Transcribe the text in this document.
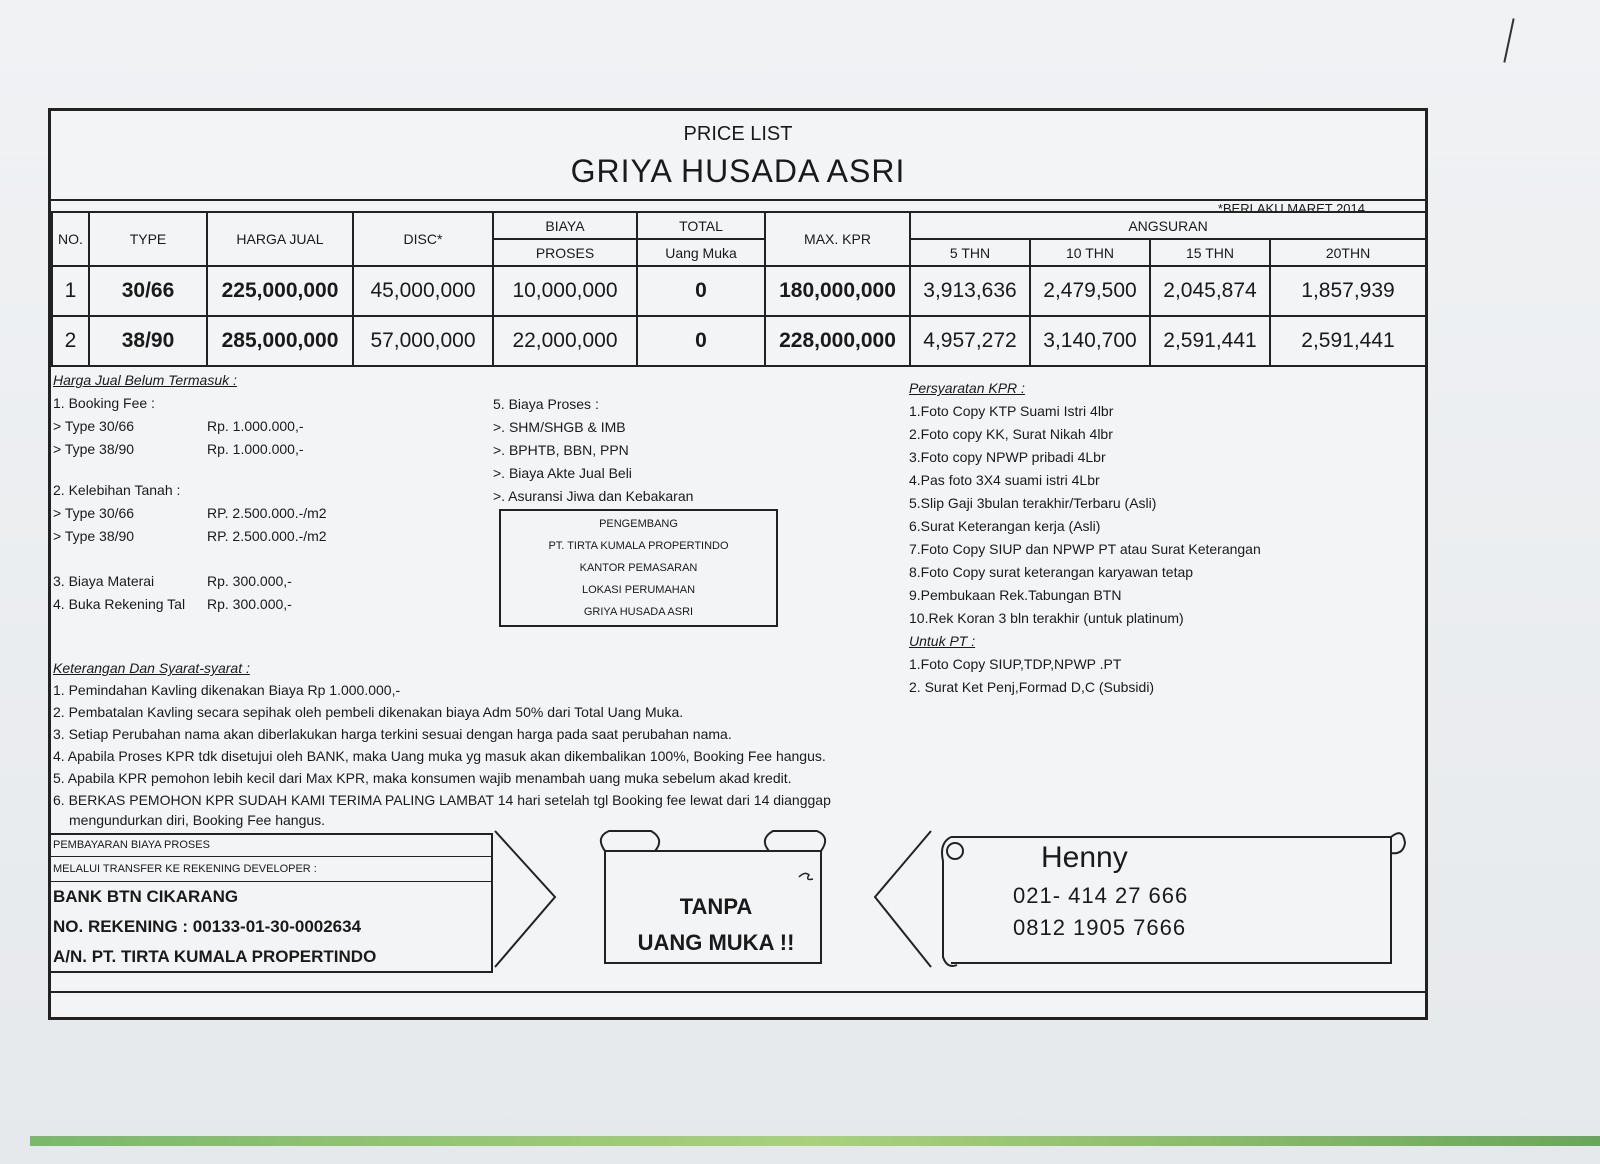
PRICE LIST
GRIYA HUSADA ASRI
*BERLAKU MARET 2014
NO.	TYPE	HARGA JUAL	DISC*	BIAYA	TOTAL	MAX. KPR	ANGSURAN			
				PROSES	Uang Muka		5 THN	10 THN	15 THN	20THN
1	30/66	225,000,000	45,000,000	10,000,000	0	180,000,000	3,913,636	2,479,500	2,045,874	1,857,939
2	38/90	285,000,000	57,000,000	22,000,000	0	228,000,000	4,957,272	3,140,700	2,591,441	2,591,441
Harga Jual Belum Termasuk :
1. Booking Fee :
> Type 30/66	Rp. 1.000.000,-
> Type 38/90	Rp. 1.000.000,-
2. Kelebihan Tanah :
> Type 30/66	RP. 2.500.000.-/m2
> Type 38/90	RP. 2.500.000.-/m2
3. Biaya Materai	Rp. 300.000,-
4. Buka Rekening Tal Rp. 300.000,-
5. Biaya Proses :
>. SHM/SHGB & IMB
>. BPHTB, BBN, PPN
>. Biaya Akte Jual Beli
>. Asuransi Jiwa dan Kebakaran
PENGEMBANG
PT. TIRTA KUMALA PROPERTINDO
KANTOR PEMASARAN
LOKASI PERUMAHAN
GRIYA HUSADA ASRI
Persyaratan KPR :
1.Foto Copy KTP Suami Istri 4lbr
2.Foto copy KK, Surat Nikah 4lbr
3.Foto copy NPWP pribadi 4Lbr
4.Pas foto 3X4 suami istri 4Lbr
5.Slip Gaji 3bulan terakhir/Terbaru (Asli)
6.Surat Keterangan kerja (Asli)
7.Foto Copy SIUP dan NPWP PT atau Surat Keterangan
8.Foto Copy surat keterangan karyawan tetap
9.Pembukaan Rek.Tabungan BTN
10.Rek Koran 3 bln terakhir (untuk platinum)
Untuk PT :
1.Foto Copy SIUP,TDP,NPWP .PT
2. Surat Ket Penj,Formad D,C (Subsidi)
Keterangan Dan Syarat-syarat :
1. Pemindahan Kavling dikenakan Biaya Rp 1.000.000,-
2. Pembatalan Kavling secara sepihak oleh pembeli dikenakan biaya Adm 50% dari Total Uang Muka.
3. Setiap Perubahan nama akan diberlakukan harga terkini sesuai dengan harga pada saat perubahan nama.
4. Apabila Proses KPR tdk disetujui oleh BANK, maka Uang muka yg masuk akan dikembalikan 100%, Booking Fee hangus.
5. Apabila KPR pemohon lebih kecil dari Max KPR, maka konsumen wajib menambah uang muka sebelum akad kredit.
6. BERKAS PEMOHON KPR SUDAH KAMI TERIMA PALING LAMBAT 14 hari setelah tgl Booking fee lewat dari 14 dianggap
mengundurkan diri, Booking Fee hangus.
PEMBAYARAN BIAYA PROSES
MELALUI TRANSFER KE REKENING DEVELOPER :
BANK BTN CIKARANG
NO. REKENING : 00133-01-30-0002634
A/N. PT. TIRTA KUMALA PROPERTINDO
TANPA
UANG MUKA !!
Henny
021- 414 27 666
0812 1905 7666
